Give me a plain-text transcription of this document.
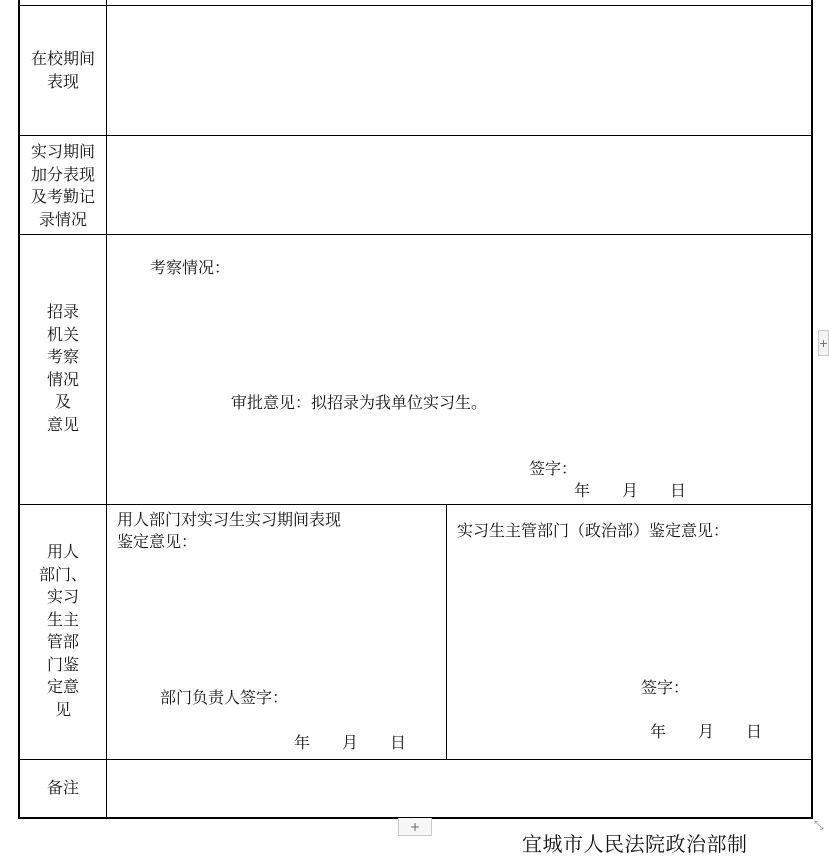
在校期间
表现
实习期间
加分表现
及考勤记
录情况
招录
机关
考察
情况
及
意见
考察情况：
审批意见：拟招录为我单位实习生。
签字：
年　　月　　日
用人
部门、
实习
生主
管部
门鉴
定意
见
用人部门对实习生实习期间表现
鉴定意见：
部门负责人签字：
年　　月　　日
实习生主管部门（政治部）鉴定意见：
签字：
年　　月　　日
备注
+
+	⤡
宜城市人民法院政治部制
